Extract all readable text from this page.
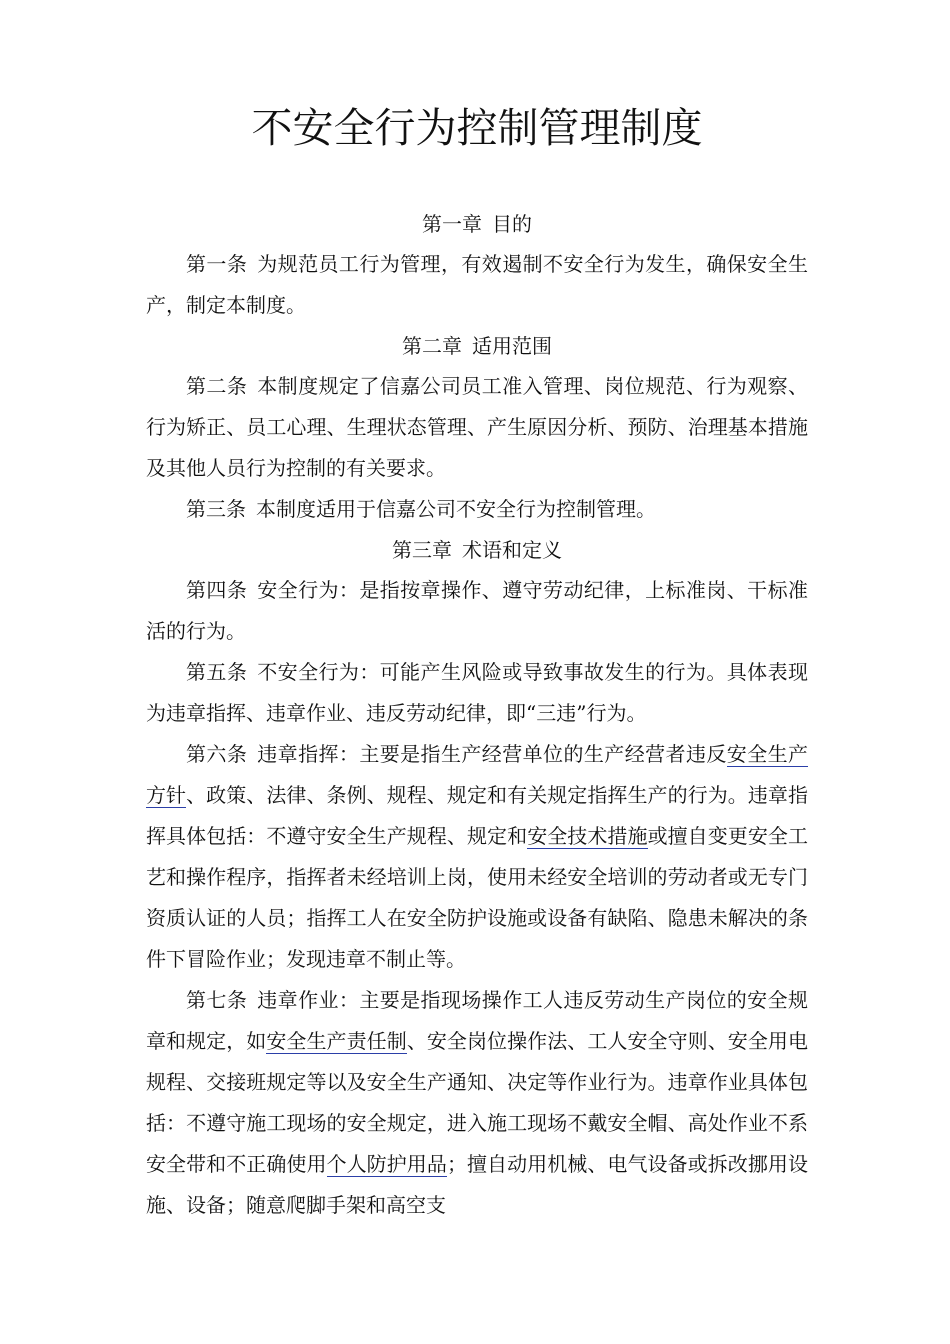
不安全行为控制管理制度

第一章 目的

第一条 为规范员工行为管理，有效遏制不安全行为发生，确保安全生产，制定本制度。

第二章 适用范围

第二条 本制度规定了信嘉公司员工准入管理、岗位规范、行为观察、行为矫正、员工心理、生理状态管理、产生原因分析、预防、治理基本措施及其他人员行为控制的有关要求。

第三条 本制度适用于信嘉公司不安全行为控制管理。

第三章 术语和定义

第四条 安全行为：是指按章操作、遵守劳动纪律，上标准岗、干标准活的行为。

第五条 不安全行为：可能产生风险或导致事故发生的行为。具体表现为违章指挥、违章作业、违反劳动纪律，即“三违”行为。

第六条 违章指挥：主要是指生产经营单位的生产经营者违反安全生产方针、政策、法律、条例、规程、规定和有关规定指挥生产的行为。违章指挥具体包括：不遵守安全生产规程、规定和安全技术措施或擅自变更安全工艺和操作程序，指挥者未经培训上岗，使用未经安全培训的劳动者或无专门资质认证的人员；指挥工人在安全防护设施或设备有缺陷、隐患未解决的条件下冒险作业；发现违章不制止等。

第七条 违章作业：主要是指现场操作工人违反劳动生产岗位的安全规章和规定，如安全生产责任制、安全岗位操作法、工人安全守则、安全用电规程、交接班规定等以及安全生产通知、决定等作业行为。违章作业具体包括：不遵守施工现场的安全规定，进入施工现场不戴安全帽、高处作业不系安全带和不正确使用个人防护用品；擅自动用机械、电气设备或拆改挪用设施、设备；随意爬脚手架和高空支
